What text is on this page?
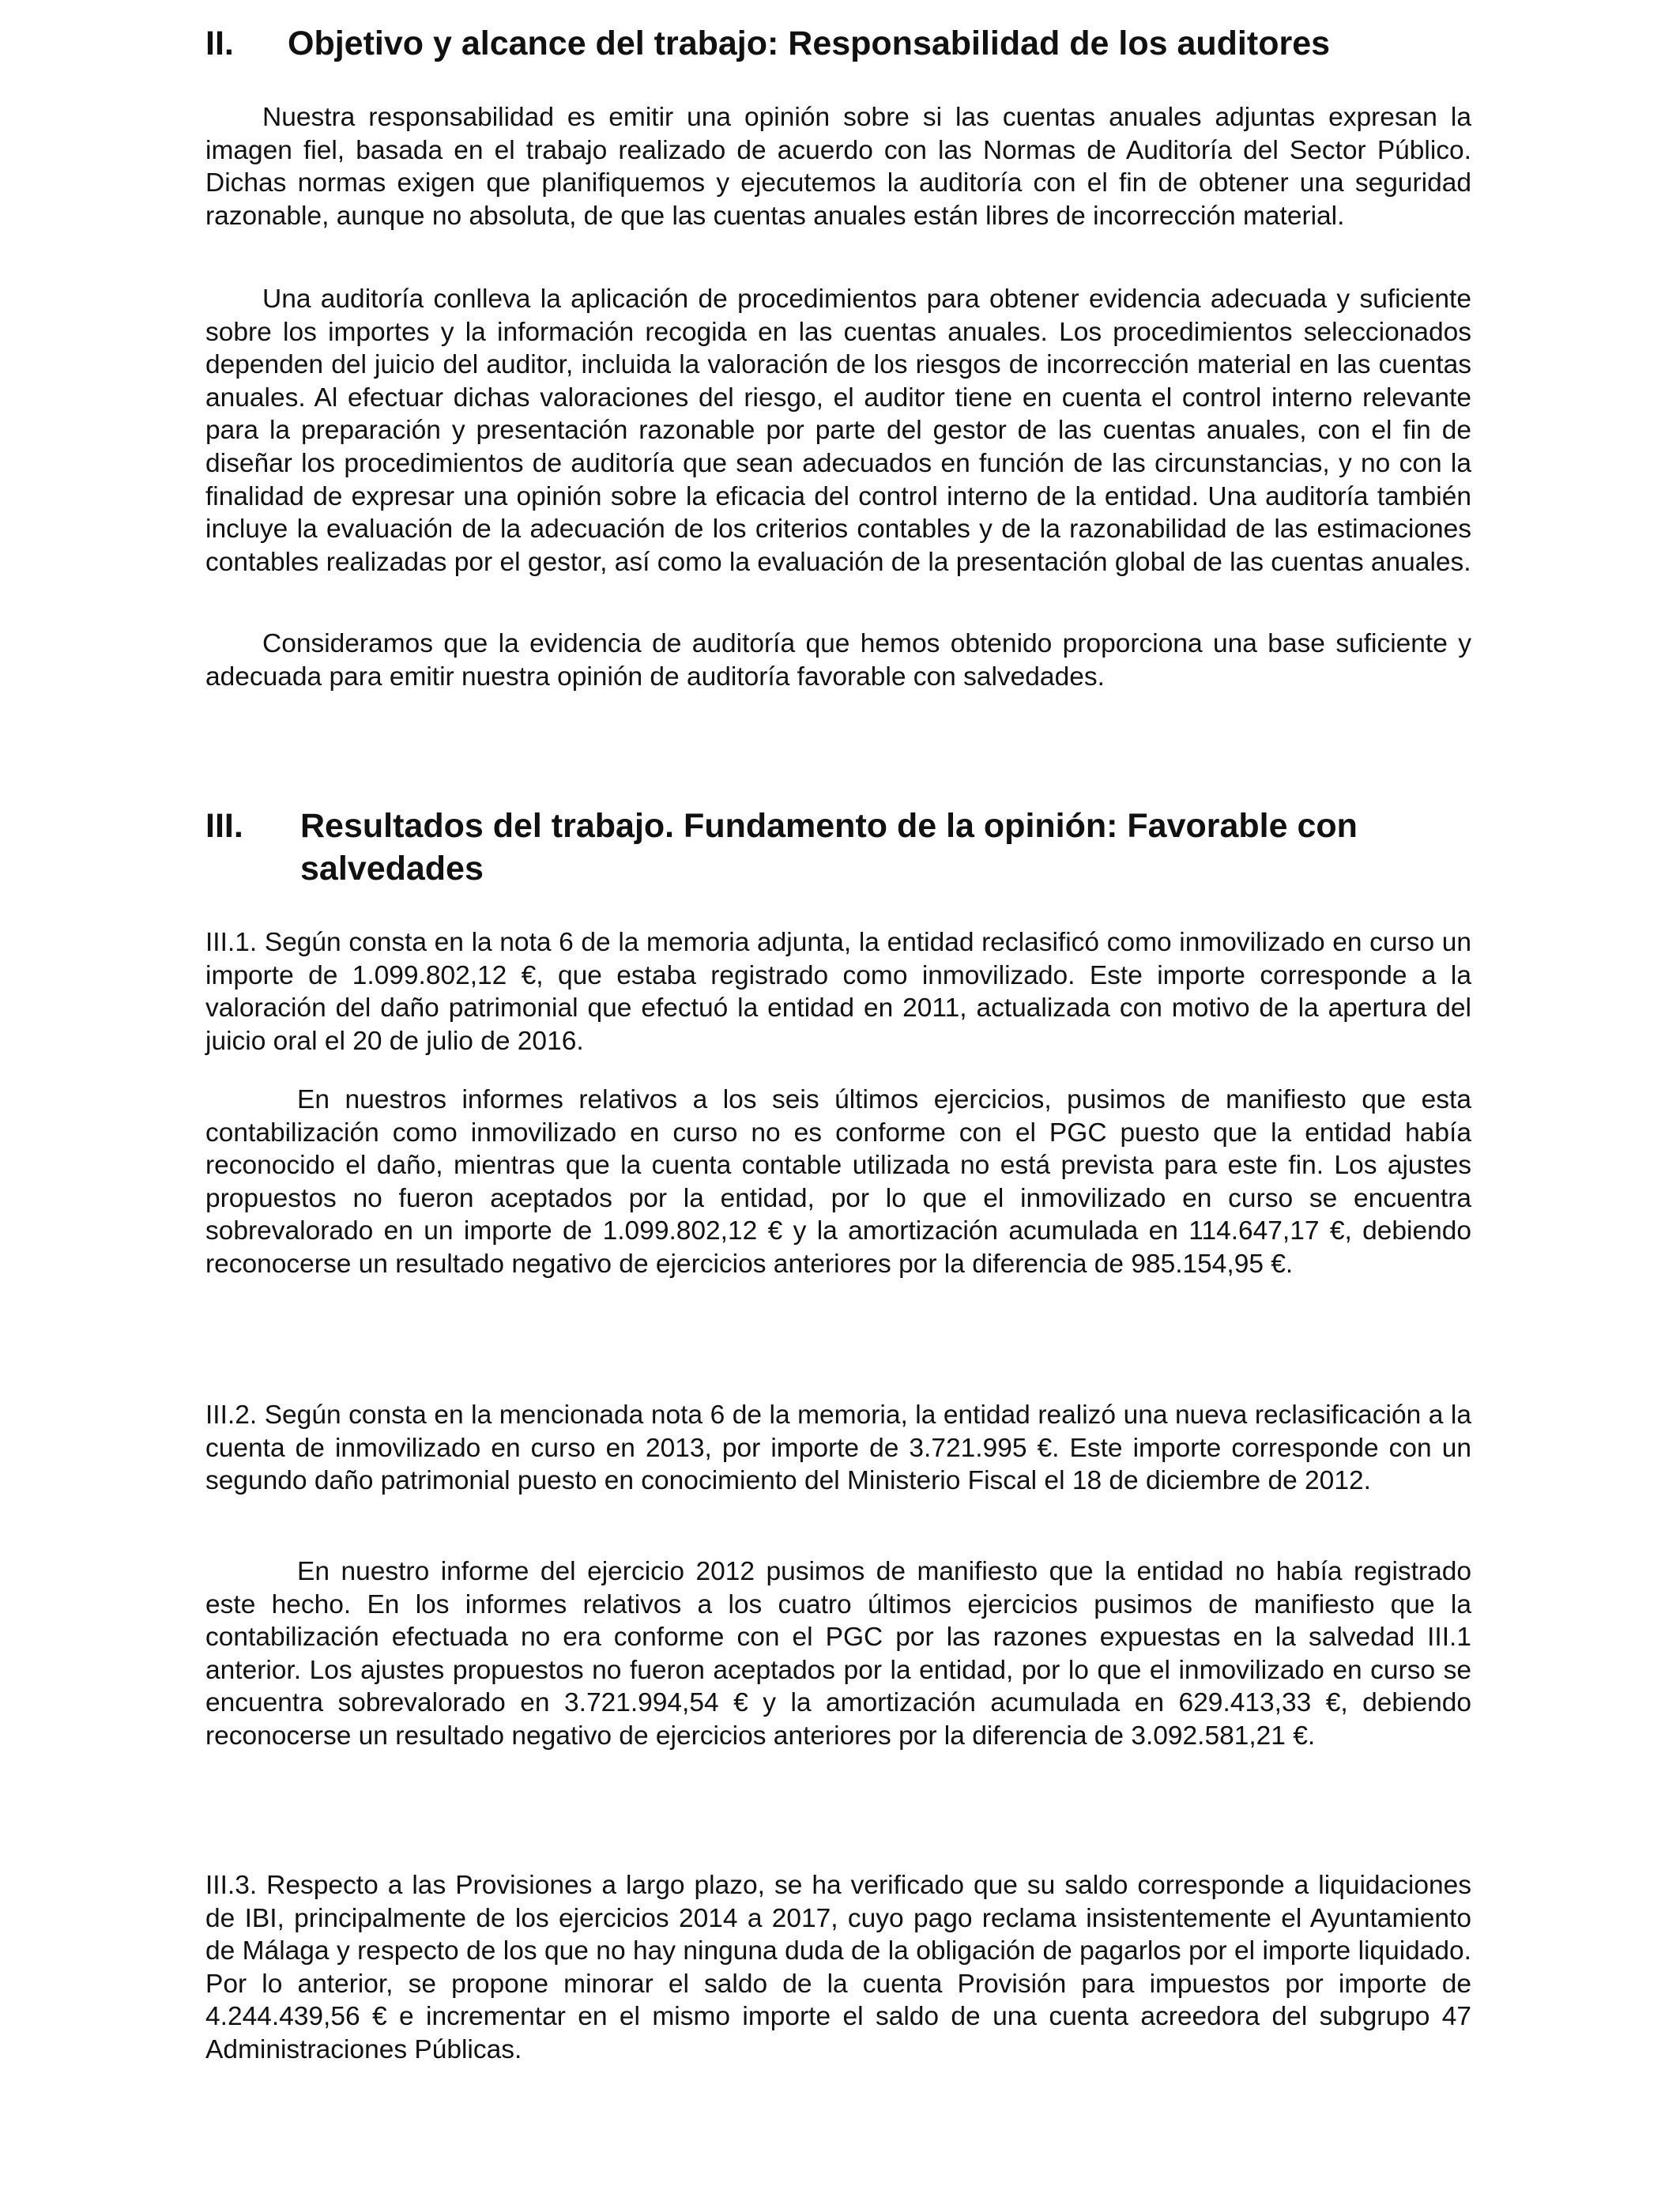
II. Objetivo y alcance del trabajo: Responsabilidad de los auditores

Nuestra responsabilidad es emitir una opinión sobre si las cuentas anuales adjuntas expresan la imagen fiel, basada en el trabajo realizado de acuerdo con las Normas de Auditoría del Sector Público. Dichas normas exigen que planifiquemos y ejecutemos la auditoría con el fin de obtener una seguridad razonable, aunque no absoluta, de que las cuentas anuales están libres de incorrección material.

Una auditoría conlleva la aplicación de procedimientos para obtener evidencia adecuada y suficiente sobre los importes y la información recogida en las cuentas anuales. Los procedimientos seleccionados dependen del juicio del auditor, incluida la valoración de los riesgos de incorrección material en las cuentas anuales. Al efectuar dichas valoraciones del riesgo, el auditor tiene en cuenta el control interno relevante para la preparación y presentación razonable por parte del gestor de las cuentas anuales, con el fin de diseñar los procedimientos de auditoría que sean adecuados en función de las circunstancias, y no con la finalidad de expresar una opinión sobre la eficacia del control interno de la entidad. Una auditoría también incluye la evaluación de la adecuación de los criterios contables y de la razonabilidad de las estimaciones contables realizadas por el gestor, así como la evaluación de la presentación global de las cuentas anuales.

Consideramos que la evidencia de auditoría que hemos obtenido proporciona una base suficiente y adecuada para emitir nuestra opinión de auditoría favorable con salvedades.

III. Resultados del trabajo. Fundamento de la opinión: Favorable con salvedades

III.1. Según consta en la nota 6 de la memoria adjunta, la entidad reclasificó como inmovilizado en curso un importe de 1.099.802,12 €, que estaba registrado como inmovilizado. Este importe corresponde a la valoración del daño patrimonial que efectuó la entidad en 2011, actualizada con motivo de la apertura del juicio oral el 20 de julio de 2016.

En nuestros informes relativos a los seis últimos ejercicios, pusimos de manifiesto que esta contabilización como inmovilizado en curso no es conforme con el PGC puesto que la entidad había reconocido el daño, mientras que la cuenta contable utilizada no está prevista para este fin. Los ajustes propuestos no fueron aceptados por la entidad, por lo que el inmovilizado en curso se encuentra sobrevalorado en un importe de 1.099.802,12 € y la amortización acumulada en 114.647,17 €, debiendo reconocerse un resultado negativo de ejercicios anteriores por la diferencia de 985.154,95 €.

III.2. Según consta en la mencionada nota 6 de la memoria, la entidad realizó una nueva reclasificación a la cuenta de inmovilizado en curso en 2013, por importe de 3.721.995 €. Este importe corresponde con un segundo daño patrimonial puesto en conocimiento del Ministerio Fiscal el 18 de diciembre de 2012.

En nuestro informe del ejercicio 2012 pusimos de manifiesto que la entidad no había registrado este hecho. En los informes relativos a los cuatro últimos ejercicios pusimos de manifiesto que la contabilización efectuada no era conforme con el PGC por las razones expuestas en la salvedad III.1 anterior. Los ajustes propuestos no fueron aceptados por la entidad, por lo que el inmovilizado en curso se encuentra sobrevalorado en 3.721.994,54 € y la amortización acumulada en 629.413,33 €, debiendo reconocerse un resultado negativo de ejercicios anteriores por la diferencia de 3.092.581,21 €.

III.3. Respecto a las Provisiones a largo plazo, se ha verificado que su saldo corresponde a liquidaciones de IBI, principalmente de los ejercicios 2014 a 2017, cuyo pago reclama insistentemente el Ayuntamiento de Málaga y respecto de los que no hay ninguna duda de la obligación de pagarlos por el importe liquidado. Por lo anterior, se propone minorar el saldo de la cuenta Provisión para impuestos por importe de 4.244.439,56 € e incrementar en el mismo importe el saldo de una cuenta acreedora del subgrupo 47 Administraciones Públicas.
